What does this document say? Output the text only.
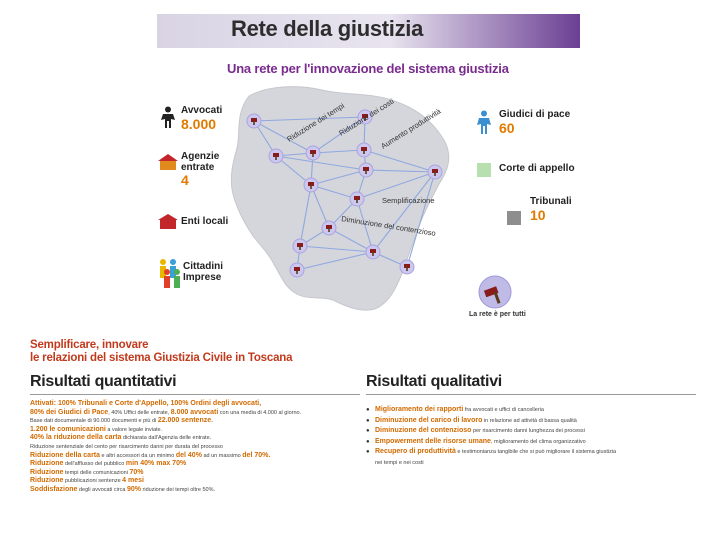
Rete della giustizia
Una rete per l'innovazione del sistema giustizia
Riduzione dei tempi
Riduzione dei costi
Aumento produttività
Semplificazione
Diminuzione del contenzioso
Avvocati
8.000
Agenzie entrate
4
Enti locali
Cittadini Imprese
Giudici di pace
60
Corte di appello
Tribunali
10
La rete è per tutti
Semplificare, innovare
le relazioni del sistema Giustizia Civile in Toscana
Risultati quantitativi
Attivati: 100% Tribunali e Corte d'Appello, 100% Ordini degli avvocati,
80% dei Giudici di Pace, 40% Uffici delle entrate, 8.000 avvocati con una media di 4.000 al giorno.
Base dati documentale di 90.000 documenti e più di 22.000 sentenze.
1.200 le comunicazioni a valore legale inviate.
40% la riduzione della carta dichiarata dall'Agenzia delle entrate.
Riduzione sentenziale del cento per risarcimento danni per durata del processo
Riduzione della carta e altri accessori da un minimo del 40% ad un massimo del 70%.
Riduzione dell'afflusso del pubblico min 40% max 70%
Riduzione tempi delle comunicazioni 70%
Riduzione pubblicazioni sentenze 4 mesi
Soddisfazione degli avvocati circa 90% riduzione dei tempi oltre 50%.
Risultati qualitativi
● Miglioramento dei rapporti fra avvocati e uffici di cancelleria
● Diminuzione del carico di lavoro in relazione ad attività di bassa qualità
● Diminuzione del contenzioso per risarcimento danni lunghezza dei processi
● Empowerment delle risorse umane, miglioramento del clima organizzativo
● Recupero di produttività e testimonianza tangibile che si può migliorare il sistema giustizia
nei tempi e nei costi
